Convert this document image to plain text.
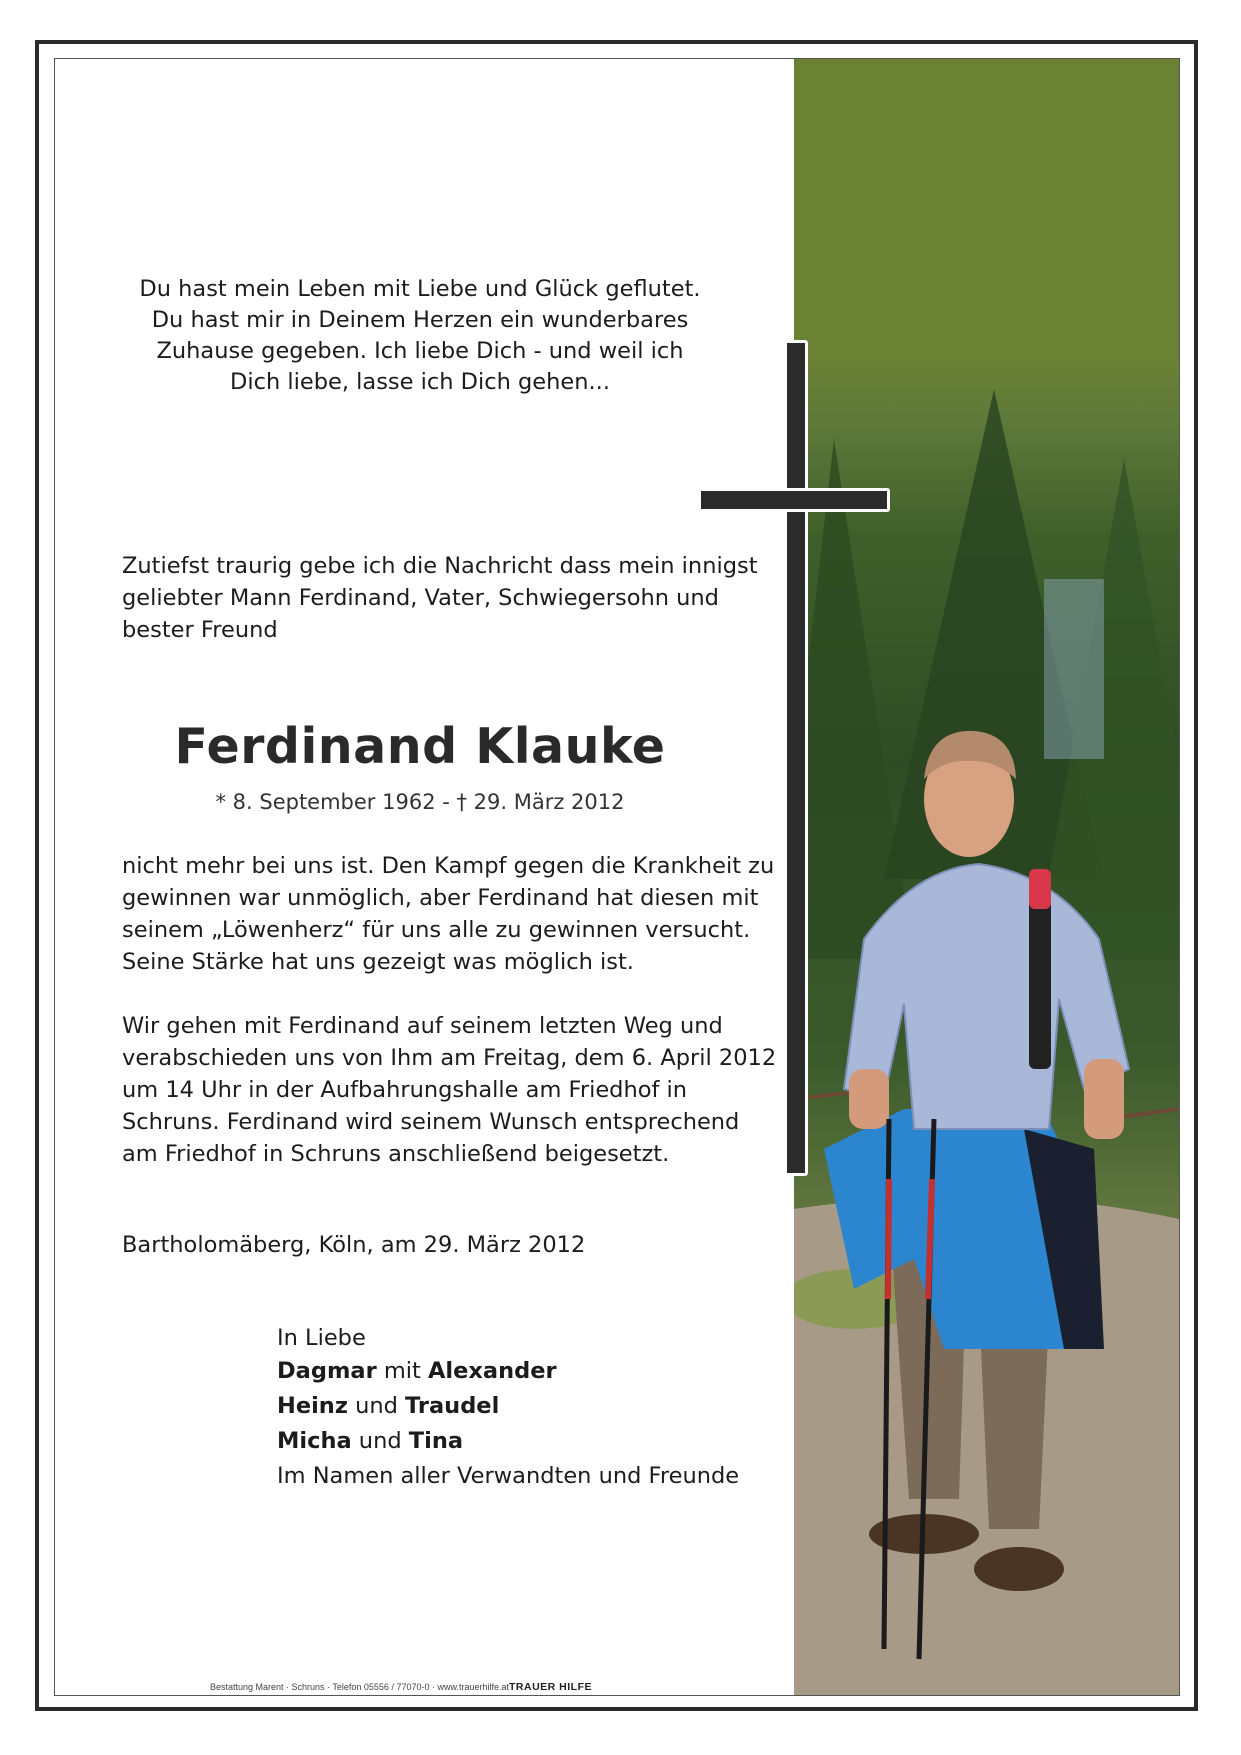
Du hast mein Leben mit Liebe und Glück geflutet.
Du hast mir in Deinem Herzen ein wunderbares
Zuhause gegeben. Ich liebe Dich - und weil ich
Dich liebe, lasse ich Dich gehen...
Zutiefst traurig gebe ich die Nachricht dass mein innigst
geliebter Mann Ferdinand, Vater, Schwiegersohn und
bester Freund
Ferdinand Klauke
* 8. September 1962 - † 29. März 2012
nicht mehr bei uns ist. Den Kampf gegen die Krankheit zu
gewinnen war unmöglich, aber Ferdinand hat diesen mit
seinem „Löwenherz“ für uns alle zu gewinnen versucht.
Seine Stärke hat uns gezeigt was möglich ist.
Wir gehen mit Ferdinand auf seinem letzten Weg und
verabschieden uns von Ihm am Freitag, dem 6. April 2012
um 14 Uhr in der Aufbahrungshalle am Friedhof in
Schruns. Ferdinand wird seinem Wunsch entsprechend
am Friedhof in Schruns anschließend beigesetzt.
Bartholomäberg, Köln, am 29. März 2012
In Liebe
Dagmar mit Alexander
Heinz und Traudel
Micha und Tina
Im Namen aller Verwandten und Freunde
Bestattung Marent · Schruns · Telefon 05556 / 77070-0 · www.trauerhilfe.atTRAUER HILFE
